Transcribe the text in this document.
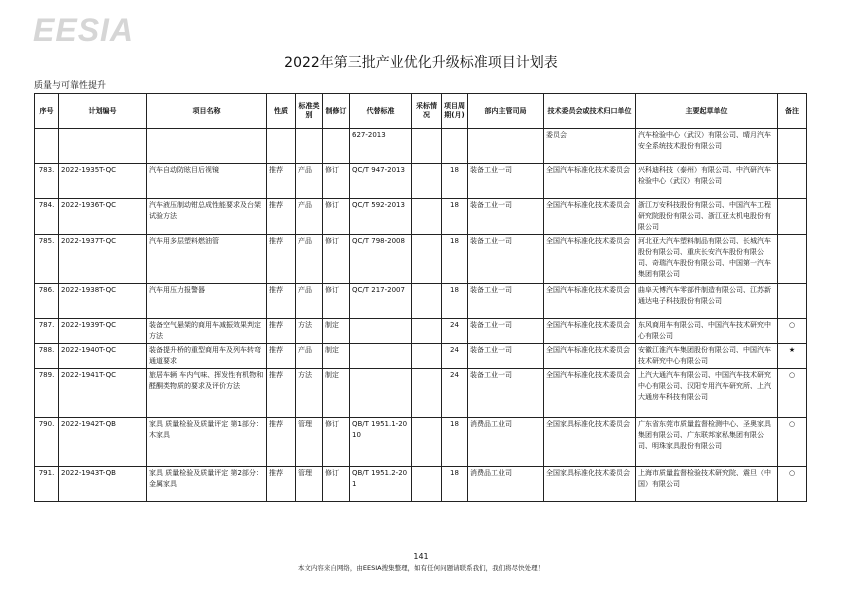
EESIA
2022年第三批产业优化升级标准项目计划表
质量与可靠性提升
序号	计划编号	项目名称	性质	标准类别	制修订	代替标准	采标情况	项目周期(月)	部内主管司局	技术委员会或技术归口单位	主要起草单位	备注
						627-2013				委员会	汽车检验中心（武汉）有限公司、晴月汽车安全系统技术股份有限公司	
783.	2022-1935T-QC	汽车自动防眩目后视镜	推荐	产品	修订	QC/T 947-2013		18	装备工业一司	全国汽车标准化技术委员会	兴科迪科技（泰州）有限公司、中汽研汽车检验中心（武汉）有限公司	
784.	2022-1936T-QC	汽车液压制动钳总成性能要求及台架试验方法	推荐	产品	修订	QC/T 592-2013		18	装备工业一司	全国汽车标准化技术委员会	浙江万安科技股份有限公司、中国汽车工程研究院股份有限公司、浙江亚太机电股份有限公司	
785.	2022-1937T-QC	汽车用多层塑料燃油管	推荐	产品	修订	QC/T 798-2008		18	装备工业一司	全国汽车标准化技术委员会	河北亚大汽车塑料制品有限公司、长城汽车股份有限公司、重庆长安汽车股份有限公司、奇瑞汽车股份有限公司、中国第一汽车集团有限公司	
786.	2022-1938T-QC	汽车用压力报警器	推荐	产品	修订	QC/T 217-2007		18	装备工业一司	全国汽车标准化技术委员会	曲阜天博汽车零部件制造有限公司、江苏新通达电子科技股份有限公司	
787.	2022-1939T-QC	装备空气悬架的商用车减振效果判定方法	推荐	方法	制定			24	装备工业一司	全国汽车标准化技术委员会	东风商用车有限公司、中国汽车技术研究中心有限公司	○
788.	2022-1940T-QC	装备提升桥的重型商用车及列车转弯通道要求	推荐	产品	制定			24	装备工业一司	全国汽车标准化技术委员会	安徽江淮汽车集团股份有限公司、中国汽车技术研究中心有限公司	★
789.	2022-1941T-QC	旅居车辆 车内气味、挥发性有机物和醛酮类物质的要求及评价方法	推荐	方法	制定			24	装备工业一司	全国汽车标准化技术委员会	上汽大通汽车有限公司、中国汽车技术研究中心有限公司、汉阳专用汽车研究所、上汽大通房车科技有限公司	○
790.	2022-1942T-QB	家具 质量检验及质量评定 第1部分：木家具	推荐	管理	修订	QB/T 1951.1-2010		18	消费品工业司	全国家具标准化技术委员会	广东省东莞市质量监督检测中心、圣奥家具集团有限公司、广东联邦家私集团有限公司、明珠家具股份有限公司	○
791.	2022-1943T-QB	家具 质量检验及质量评定 第2部分：金属家具	推荐	管理	修订	QB/T 1951.2-201		18	消费品工业司	全国家具标准化技术委员会	上海市质量监督检验技术研究院、震旦（中国）有限公司	○
141
本文内容来自网络，由EESIA搜集整理，如有任何问题请联系我们，我们将尽快处理！
